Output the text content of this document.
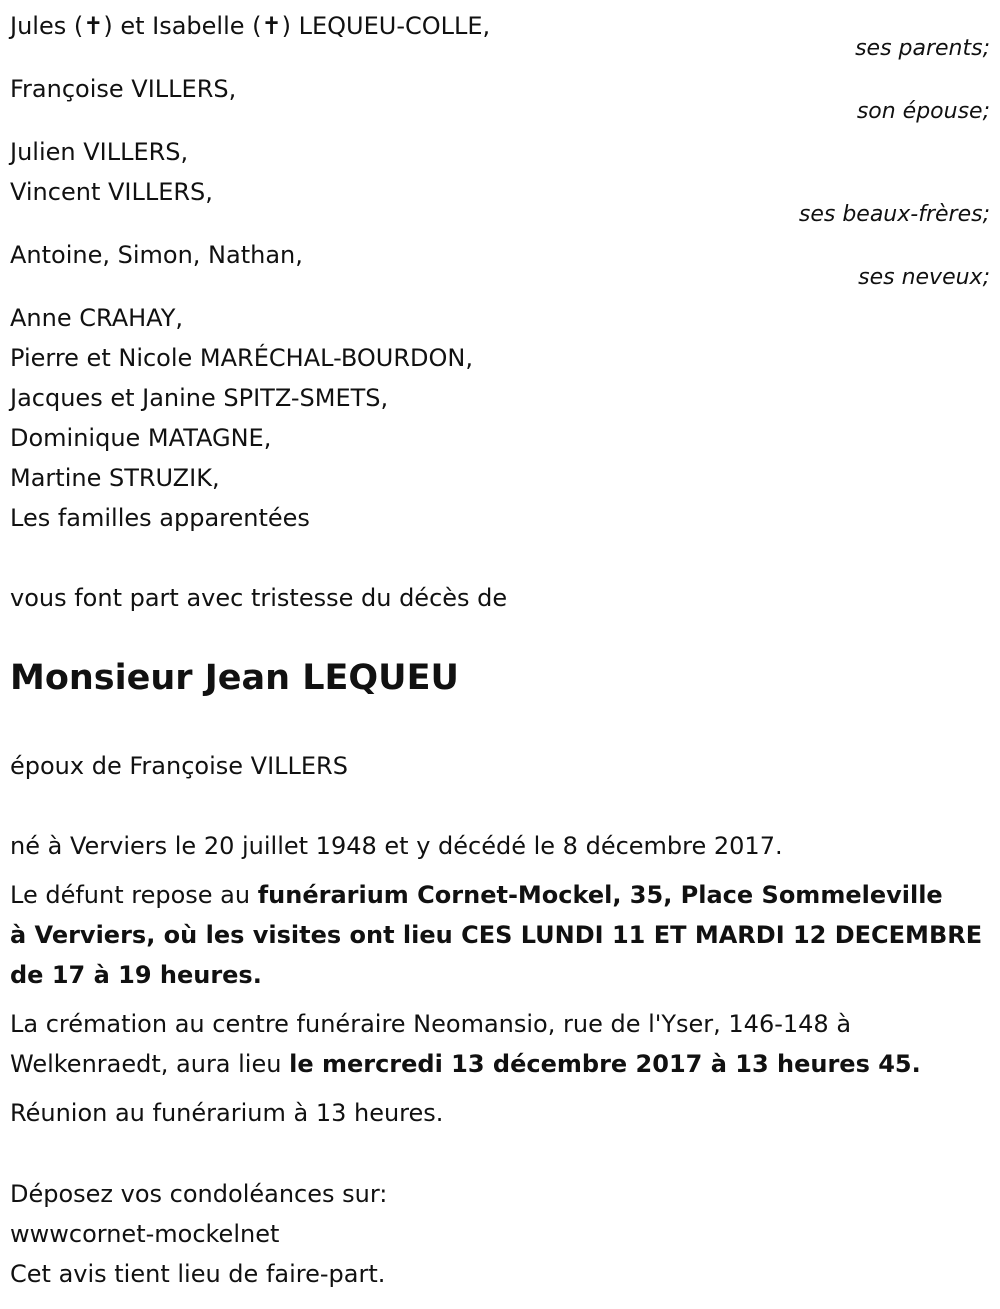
Jules (✝) et Isabelle (✝) LEQUEU-COLLE,
ses parents;
Françoise VILLERS,
son épouse;
Julien VILLERS,
Vincent VILLERS,
ses beaux-frères;
Antoine, Simon, Nathan,
ses neveux;
Anne CRAHAY,
Pierre et Nicole MARÉCHAL-BOURDON,
Jacques et Janine SPITZ-SMETS,
Dominique MATAGNE,
Martine STRUZIK,
Les familles apparentées
vous font part avec tristesse du décès de
Monsieur Jean LEQUEU
époux de Françoise VILLERS
né à Verviers le 20 juillet 1948 et y décédé le 8 décembre 2017.
Le défunt repose au funérarium Cornet-Mockel, 35, Place Sommeleville
à Verviers, où les visites ont lieu CES LUNDI 11 ET MARDI 12 DECEMBRE
de 17 à 19 heures.
La crémation au centre funéraire Neomansio, rue de l'Yser, 146-148 à
Welkenraedt, aura lieu le mercredi 13 décembre 2017 à 13 heures 45.
Réunion au funérarium à 13 heures.
Déposez vos condoléances sur:
wwwcornet-mockelnet
Cet avis tient lieu de faire-part.
